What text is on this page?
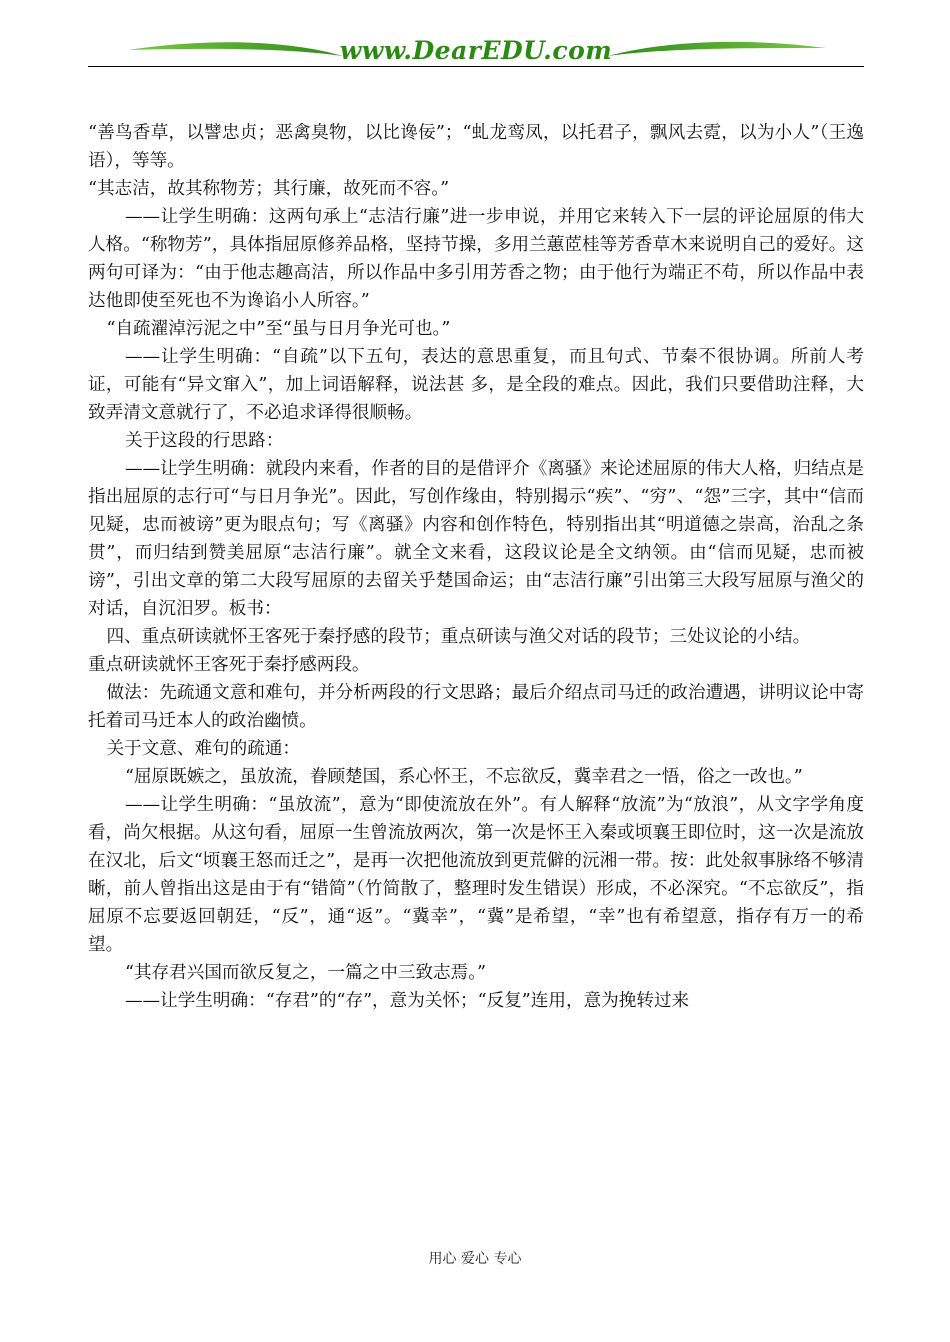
www.DearEDU.com

“善鸟香草，以譬忠贞；恶禽臭物，以比谗佞”；“虬龙鸾凤，以托君子，飘风去霓，以为小人”（王逸语），等等。

“其志洁，故其称物芳；其行廉，故死而不容。”

——让学生明确：这两句承上“志洁行廉”进一步申说，并用它来转入下一层的评论屈原的伟大人格。“称物芳”，具体指屈原修养品格，坚持节操，多用兰蕙茝桂等芳香草木来说明自己的爱好。这两句可译为：“由于他志趣高洁，所以作品中多引用芳香之物；由于他行为端正不苟，所以作品中表达他即使至死也不为谗谄小人所容。”

“自疏濯淖污泥之中”至“虽与日月争光可也。”

——让学生明确：“自疏”以下五句，表达的意思重复，而且句式、节秦不很协调。所前人考证，可能有“异文窜入”，加上词语解释，说法甚 多，是全段的难点。因此，我们只要借助注释，大致弄清文意就行了，不必追求译得很顺畅。

关于这段的行思路：

——让学生明确：就段内来看，作者的目的是借评介《离骚》来论述屈原的伟大人格，归结点是指出屈原的志行可“与日月争光”。因此，写创作缘由，特别揭示“疾”、“穷”、“怨”三字，其中“信而见疑，忠而被谤”更为眼点句；写《离骚》内容和创作特色，特别指出其“明道德之崇高，治乱之条贯”，而归结到赞美屈原“志洁行廉”。就全文来看，这段议论是全文纳领。由“信而见疑，忠而被谤”，引出文章的第二大段写屈原的去留关乎楚国命运；由“志洁行廉”引出第三大段写屈原与渔父的对话，自沉汨罗。板书：

四、重点研读就怀王客死于秦抒感的段节；重点研读与渔父对话的段节；三处议论的小结。

重点研读就怀王客死于秦抒感两段。

做法：先疏通文意和难句，并分析两段的行文思路；最后介绍点司马迁的政治遭遇，讲明议论中寄托着司马迁本人的政治幽愤。

关于文意、难句的疏通：

“屈原既嫉之，虽放流，眷顾楚国，系心怀王，不忘欲反，冀幸君之一悟，俗之一改也。”

——让学生明确：“虽放流”，意为“即使流放在外”。有人解释“放流”为“放浪”，从文字学角度看，尚欠根据。从这句看，屈原一生曾流放两次，第一次是怀王入秦或顷襄王即位时，这一次是流放在汉北，后文“顷襄王怒而迁之”，是再一次把他流放到更荒僻的沅湘一带。按：此处叙事脉络不够清晰，前人曾指出这是由于有“错简”（竹简散了，整理时发生错误）形成，不必深究。“不忘欲反”，指屈原不忘要返回朝廷，“反”，通“返”。“冀幸”，“冀”是希望，“幸”也有希望意，指存有万一的希望。

“其存君兴国而欲反复之，一篇之中三致志焉。”

——让学生明确：“存君”的“存”，意为关怀；“反复”连用，意为挽转过来

用心 爱心 专心
